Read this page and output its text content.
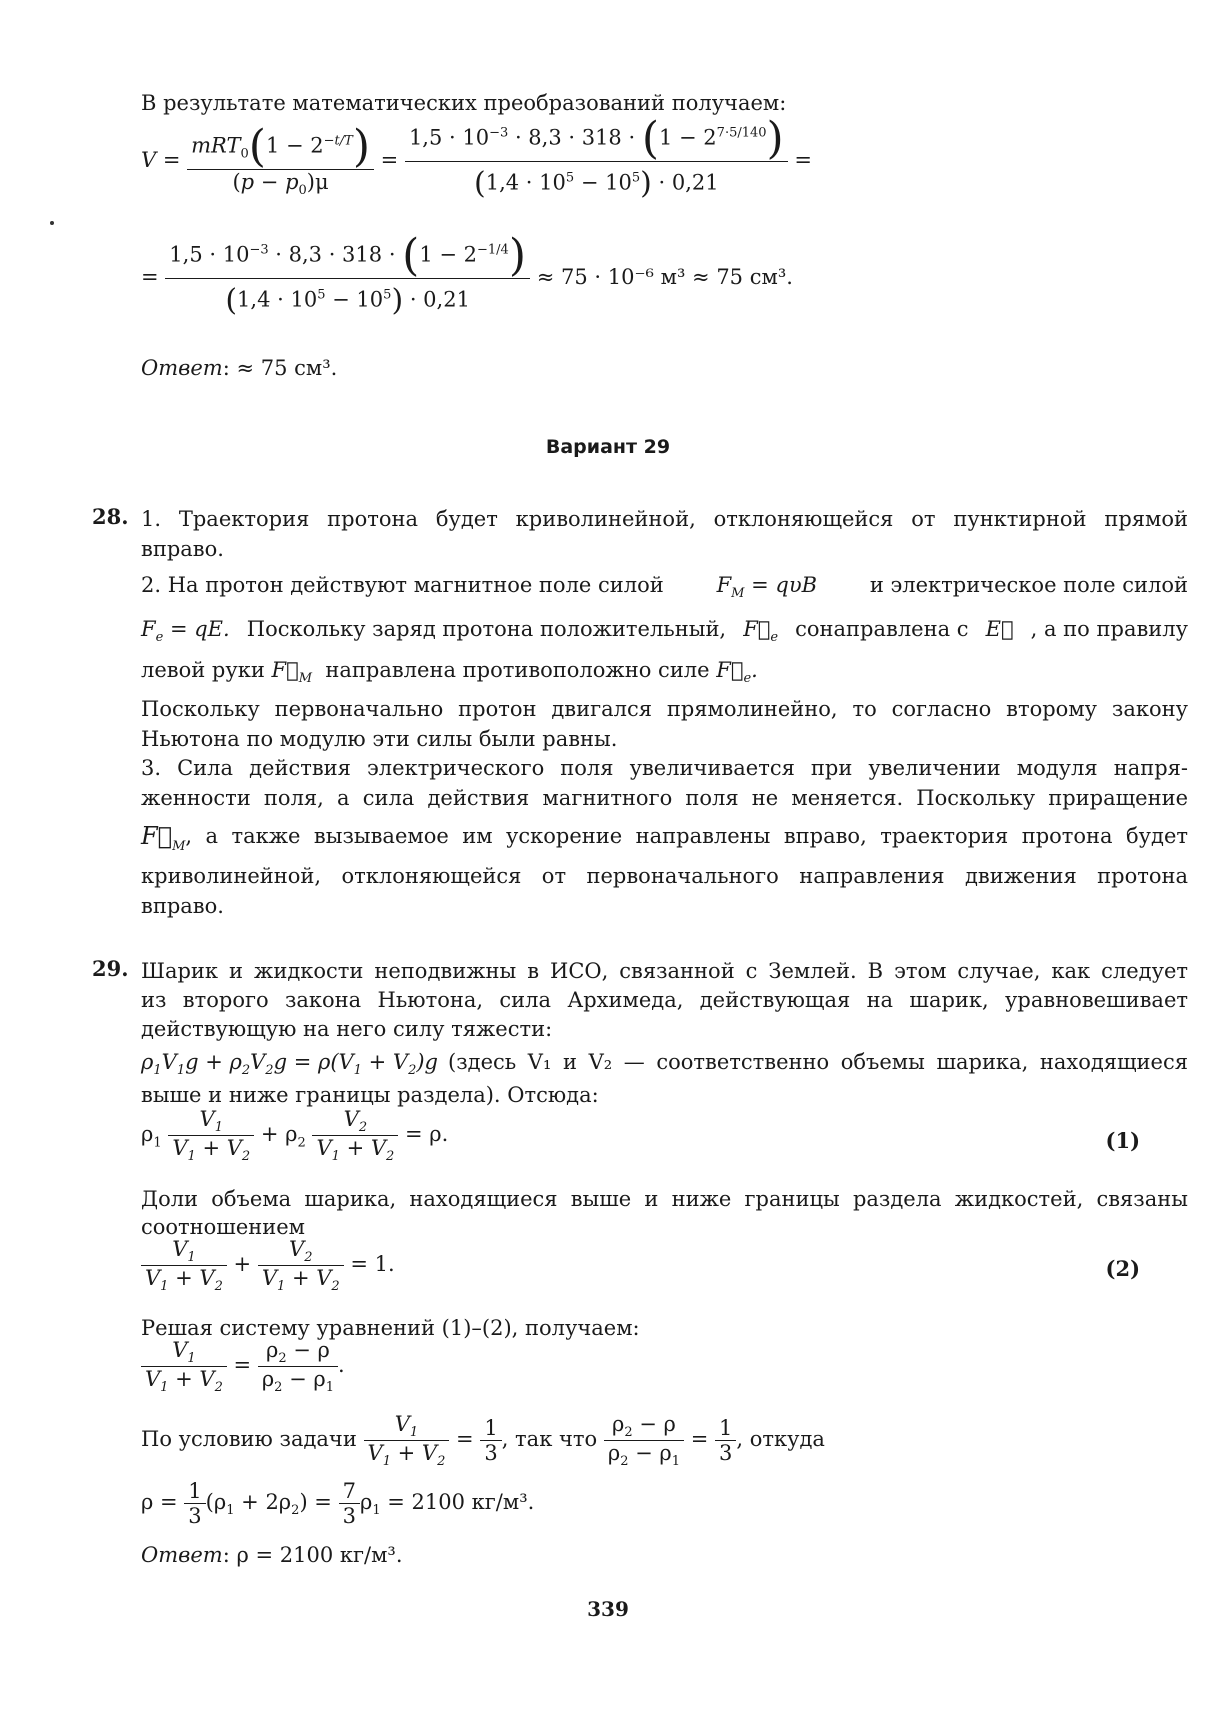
В результате математических преобразований получаем:
$V = \frac{mRT_0(1 - 2^{-t/T})}{(p - p_0)\mu} = \frac{1,5 \cdot 10^{-3} \cdot 8,3 \cdot 318 \cdot (1 - 2^{7\cdot 5/140})}{(1,4 \cdot 10^5 - 10^5) \cdot 0,21}$ =
= $\frac{1,5 \cdot 10^{-3} \cdot 8,3 \cdot 318 \cdot (1 - 2^{-1/4})}{(1,4 \cdot 10^5 - 10^5) \cdot 0,21} \approx 75 \cdot 10^{-6}$ м³ ≈ 75 см³.
Ответ: ≈ 75 см³.
Вариант 29
28. 1. Траектория протона будет криволинейной, отклоняющейся от пунктирной прямой
вправо.
2. На протон действуют магнитное поле силой	$F_M = q\upsilon B$	и электрическое поле силой
$F_e$ = qE. Поскольку заряд протона положительный, $F⃗_e$ сонаправлена с E⃗ , а по правилу
левой руки $F⃗_M$ направлена противоположно силе $F⃗_e$.
Поскольку первоначально протон двигался прямолинейно, то согласно второму закону
Ньютона по модулю эти силы были равны.
3. Сила действия электрического поля увеличивается при увеличении модуля напря-
женности поля, а сила действия магнитного поля не меняется. Поскольку приращение
$F⃗_M$ , а также вызываемое им ускорение направлены вправо, траектория протона будет
криволинейной, отклоняющейся от первоначального направления движения протона
вправо.
29. Шарик и жидкости неподвижны в ИСО, связанной с Землей. В этом случае, как следует
из второго закона Ньютона, сила Архимеда, действующая на шарик, уравновешивает
действующую на него силу тяжести:
$\rho_1V_1g + \rho_2V_2g = \rho(V_1 + V_2)g$ (здесь V₁ и V₂ — соответственно объемы шарика, находящиеся
выше и ниже границы раздела). Отсюда:
$\rho_1 \frac{V_1}{V_1 + V_2} + \rho_2 \frac{V_2}{V_1 + V_2} = \rho$.	(1)
Доли объема шарика, находящиеся выше и ниже границы раздела жидкостей, связаны
соотношением
$\frac{V_1}{V_1 + V_2} + \frac{V_2}{V_1 + V_2} = 1$.	(2)
Решая систему уравнений (1)–(2), получаем:
$\frac{V_1}{V_1 + V_2} = \frac{\rho_2 - \rho}{\rho_2 - \rho_1}$ .
По условию задачи $\frac{V_1}{V_1 + V_2} = \frac{1}{3}$ , так что $\frac{\rho_2 - \rho}{\rho_2 - \rho_1} = \frac{1}{3}$ , откуда
$\rho = \frac{1}{3} (\rho_1 + 2\rho_2) = \frac{7}{3} \rho_1 = 2100$ кг/м³.
Ответ: ρ = 2100 кг/м³.
339
